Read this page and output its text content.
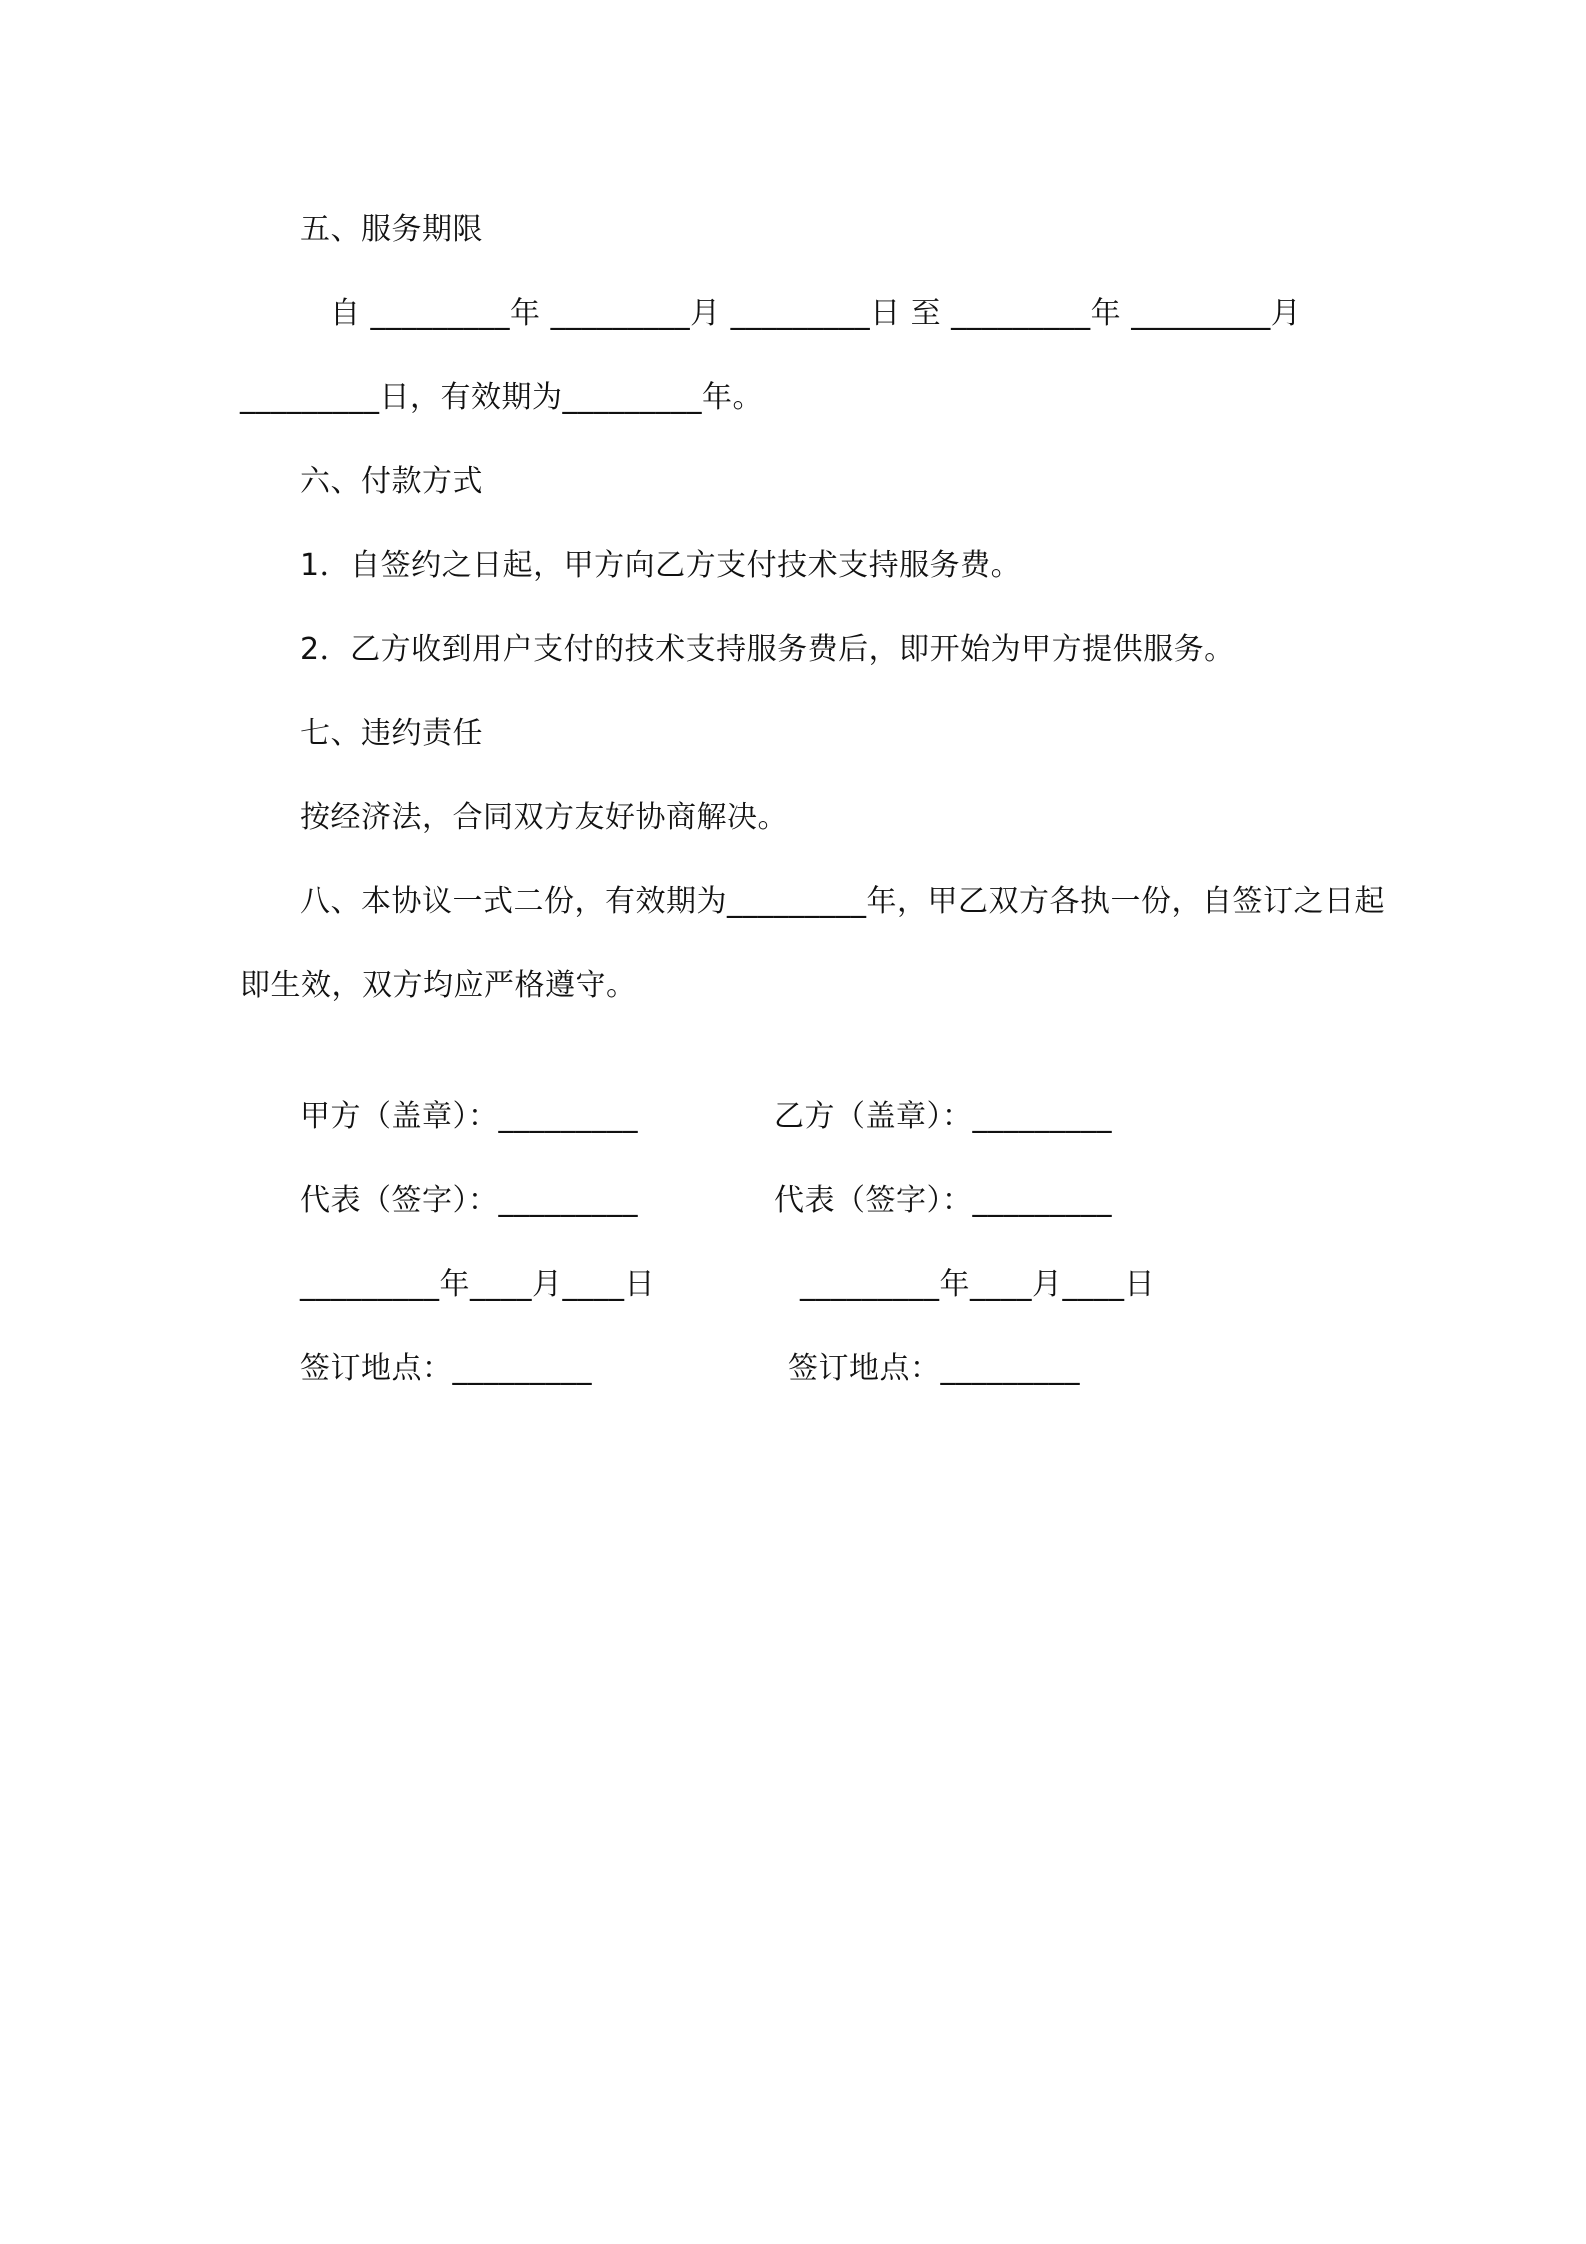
五、服务期限
自 _________年 _________月 _________日 至 _________年 _________月
_________日，有效期为_________年。
六、付款方式
1．自签约之日起，甲方向乙方支付技术支持服务费。
2．乙方收到用户支付的技术支持服务费后，即开始为甲方提供服务。
七、违约责任
按经济法，合同双方友好协商解决。
八、本协议一式二份，有效期为_________年，甲乙双方各执一份，自签订之日起
即生效，双方均应严格遵守。
甲方（盖章）：_________
代表（签字）：_________
_________年____月____日
签订地点：_________
乙方（盖章）：_________
代表（签字）：_________
_________年____月____日
签订地点：_________
